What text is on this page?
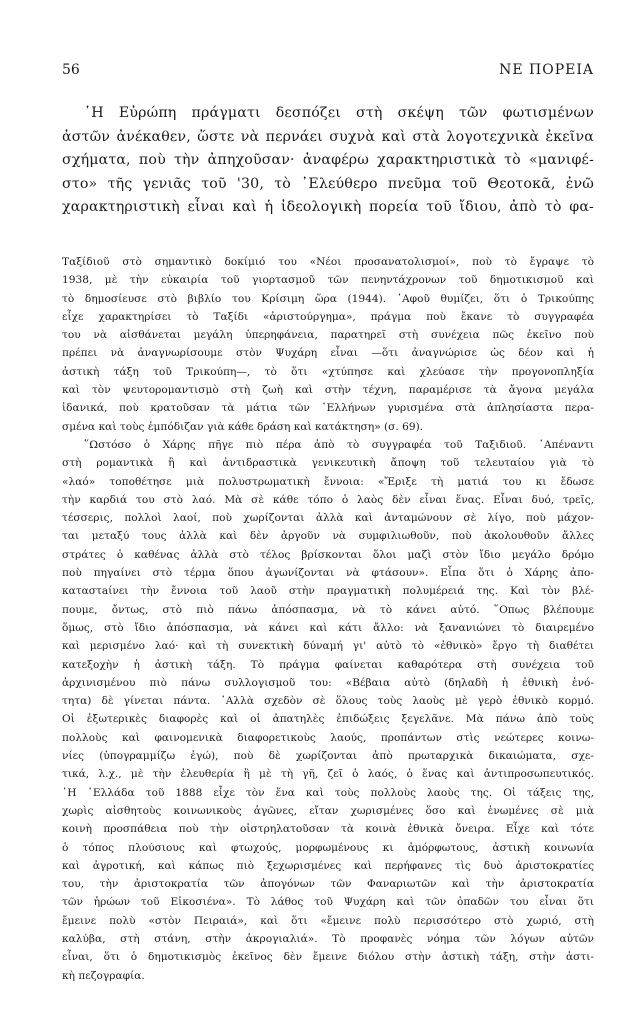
56	ΝΕ ΠΟΡΕΙΑ
῾Η Εὐρώπη πράγματι δεσπόζει στὴ σκέψη τῶν φωτισμένων
ἀστῶν ἀνέκαθεν, ὥστε νὰ περνάει συχνὰ καὶ στὰ λογοτεχνικὰ ἐκεῖνα
σχήματα, ποὺ τὴν ἀπηχοῦσαν· ἀναφέρω χαρακτηριστικὰ τὸ «μανιφέ-
στο» τῆς γενιᾶς τοῦ '30, τὸ ᾿Ελεύθερο πνεῦμα τοῦ Θεοτοκᾶ, ἐνῶ
χαρακτηριστικὴ εἶναι καὶ ἡ ἰδεολογικὴ πορεία τοῦ ἴδιου, ἀπὸ τὸ φα-
Ταξίδιοῦ στὸ σημαντικὸ δοκίμιό του «Νέοι προσανατολισμοί», ποὺ τὸ ἔγραψε τὸ
1938, μὲ τὴν εὐκαιρία τοῦ γιορτασμοῦ τῶν πενηντάχρονων τοῦ δημοτικισμοῦ καὶ
τὸ δημοσίευσε στὸ βιβλίο του Κρίσιμη ὥρα (1944). ᾿Αφοῦ θυμίζει, ὅτι ὁ Τρικούπης
εἶχε χαρακτηρίσει τὸ Ταξίδι «ἀριστούργημα», πράγμα ποὺ ἔκανε τὸ συγγραφέα
του νὰ αἰσθάνεται μεγάλη ὑπερηφάνεια, παρατηρεῖ στὴ συνέχεια πῶς ἐκεῖνο ποὺ
πρέπει νὰ ἀναγνωρίσουμε στὸν Ψυχάρη εἶναι —ὅτι ἀναγνώρισε ὡς δέον καὶ ἡ
ἀστικὴ τάξη τοῦ Τρικούπη—, τὸ ὅτι «χτύπησε καὶ χλεύασε τὴν προγονοπληξία
καὶ τὸν ψευτορομαντισμὸ στὴ ζωὴ καὶ στὴν τέχνη, παραμέρισε τὰ ἄγονα μεγάλα
ἰδανικά, ποὺ κρατοῦσαν τὰ μάτια τῶν ῾Ελλήνων γυρισμένα στὰ ἀπλησίαστα περα-
σμένα καὶ τοὺς ἐμπόδιζαν γιὰ κάθε δράση καὶ κατάκτηση» (σ. 69).
῞Ωστόσο ὁ Χάρης πῆγε πιὸ πέρα ἀπὸ τὸ συγγραφέα τοῦ Ταξιδιοῦ. ᾿Απέναντι
στὴ ρομαντικὰ ἢ καὶ ἀντιδραστικὰ γενικευτικὴ ἄποψη τοῦ τελευταίου γιὰ τὸ
«λαό» τοποθέτησε μιὰ πολυστρωματικὴ ἔννοια: «Ἔριξε τὴ ματιά του κι ἔδωσε
τὴν καρδιά του στὸ λαό. Μὰ σὲ κάθε τόπο ὁ λαὸς δὲν εἶναι ἕνας. Εἶναι δυό, τρεῖς,
τέσσερις, πολλοὶ λαοί, ποὺ χωρίζονται ἀλλὰ καὶ ἀνταμώνουν σὲ λίγο, ποὺ μάχον-
ται μεταξύ τους ἀλλὰ καὶ δὲν ἀργοῦν νὰ συμφιλιωθοῦν, ποὺ ἀκολουθοῦν ἄλλες
στράτες ὁ καθένας ἀλλὰ στὸ τέλος βρίσκονται ὅλοι μαζὶ στὸν ἴδιο μεγάλο δρόμο
ποὺ πηγαίνει στὸ τέρμα ὅπου ἀγωνίζονται νὰ φτάσουν». Εἶπα ὅτι ὁ Χάρης ἀπο-
καταστaίνει τὴν ἔννοια τοῦ λαοῦ στὴν πραγματικὴ πολυμέρειά της. Καὶ τὸν βλέ-
πουμε, ὄντως, στὸ πιὸ πάνω ἀπόσπασμα, νὰ τὸ κάνει αὐτό. ῞Οπως βλέπουμε
ὅμως, στὸ ἴδιο ἀπόσπασμα, νὰ κάνει καὶ κάτι ἄλλο: νὰ ξανανιώνει τὸ διαιρεμένο
καὶ μερισμένο λαό· καὶ τὴ συνεκτικὴ δύναμή γι' αὐτὸ τὸ «ἐθνικὸ» ἔργο τὴ διαθέτει
κατεξοχὴν ἡ ἀστικὴ τάξη. Τὸ πράγμα φαίνεται καθαρότερα στὴ συνέχεια τοῦ
ἀρχινισμένου πιὸ πάνω συλλογισμοῦ του: «Βέβαια αὐτὸ (δηλαδὴ ἡ ἐθνικὴ ἑνό-
τητα) δὲ γίνεται πάντα. ᾿Αλλὰ σχεδὸν σὲ ὅλους τοὺς λαοὺς μὲ γερὸ ἐθνικὸ κορμό.
Οἱ ἐξωτερικὲς διαφορὲς καὶ οἱ ἀπατηλὲς ἐπιδώξεις ξεγελᾶνε. Μὰ πάνω ἀπὸ τοὺς
πολλοὺς καὶ φαινομενικὰ διαφορετικοὺς λαούς, προπάντων στὶς νεώτερες κοινω-
νίες (ὑπογραμμίζω ἐγώ), ποὺ δὲ χωρίζονται ἀπὸ πρωταρχικὰ δικαιώματα, σχε-
τικά, λ.χ., μὲ τὴν ἐλευθερία ἢ μὲ τὴ γῆ, ζεῖ ὁ λαός, ὁ ἕνας καὶ ἀντιπροσωπευτικός.
῾Η ῾Ελλάδα τοῦ 1888 εἶχε τὸν ἕνα καὶ τοὺς πολλοὺς λαοὺς της. Οἱ τάξεις της,
χωρὶς αἰσθητοὺς κοινωνικοὺς ἀγῶνες, εἴταν χωρισμένες ὅσο καὶ ἑνωμένες σὲ μιὰ
κοινὴ προσπάθεια ποὺ τὴν οἰστρηλατοῦσαν τὰ κοινὰ ἐθνικὰ ὄνειρα. Εἶχε καὶ τότε
ὁ τόπος πλούσιους καὶ φτωχούς, μορφωμένους κι ἀμόρφωτους, ἀστικὴ κοινωνία
καὶ ἀγροτική, καὶ κάπως πιὸ ξεχωρισμένες καὶ περήφανες τὶς δυὸ ἀριστοκρατίες
του, τὴν ἀριστοκρατία τῶν ἀπογόνων τῶν Φαναριωτῶν καὶ τὴν ἀριστοκρατία
τῶν ἡρώων τοῦ Εἰκοσιένα». Τὸ λάθος τοῦ Ψυχάρη καὶ τῶν ὀπαδῶν του εἶναι ὅτι
ἔμεινε πολὺ «στὸν Πειραιά», καὶ ὅτι «ἔμεινε πολὺ περισσότερο στὸ χωριό, στὴ
καλύβα, στὴ στάνη, στὴν ἀκρογιαλιά». Τὸ προφανὲς νόημα τῶν λόγων αὐτῶν
εἶναι, ὅτι ὁ δημοτικισμὸς ἐκεῖνος δὲν ἔμεινε διόλου στὴν ἀστικὴ τάξη, στὴν ἀστι-
κὴ πεζογραφία.
